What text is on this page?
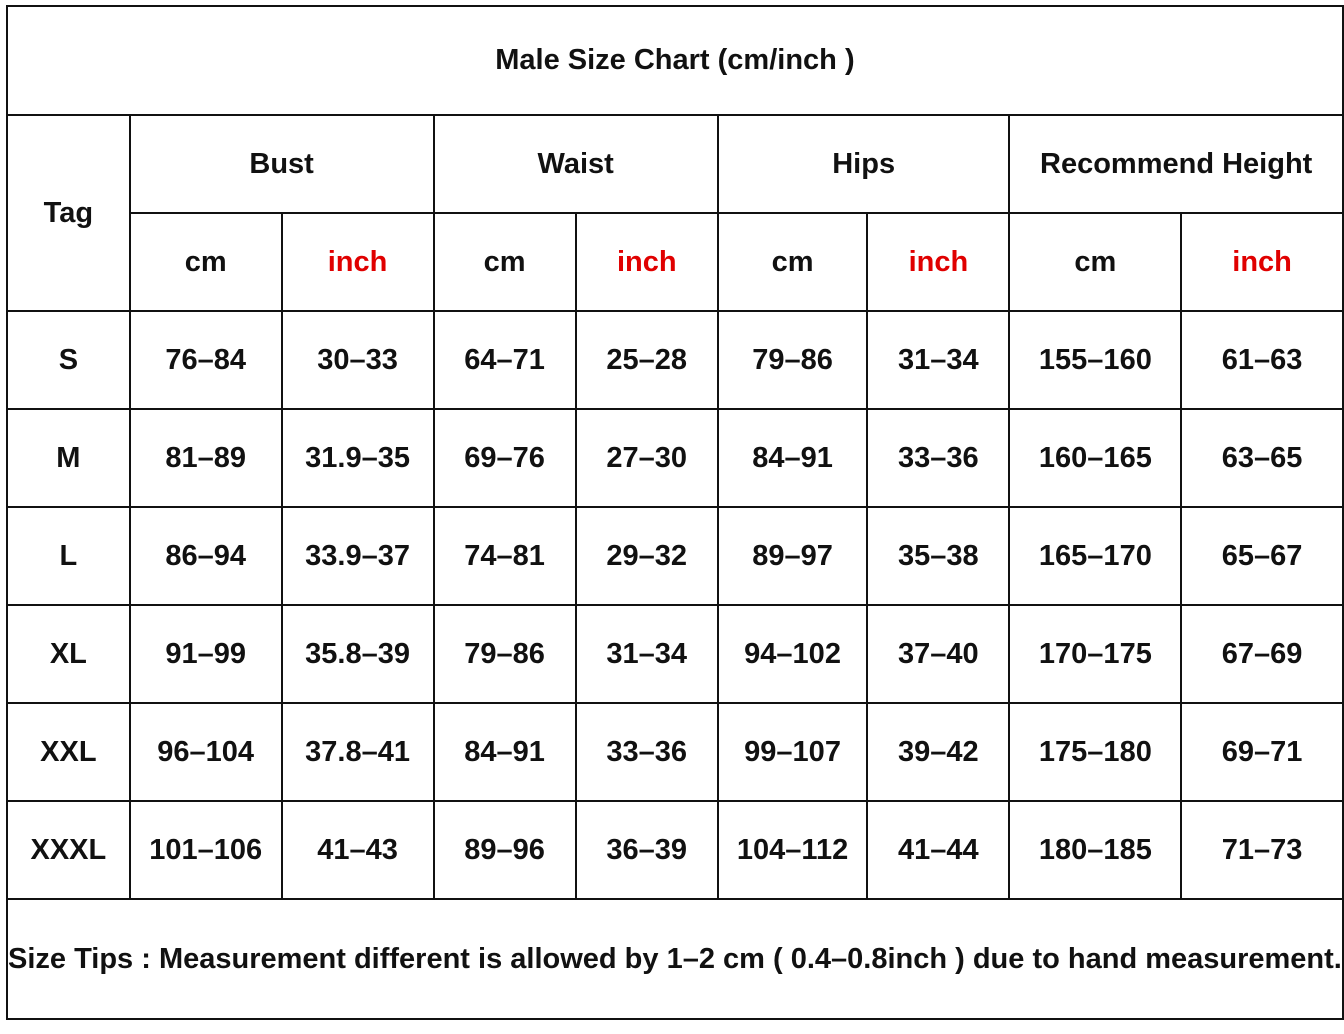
Male Size Chart (cm/inch )								
Tag	Bust		Waist		Hips		Recommend Height	
	cm	inch	cm	inch	cm	inch	cm	inch
S	76–84	30–33	64–71	25–28	79–86	31–34	155–160	61–63
M	81–89	31.9–35	69–76	27–30	84–91	33–36	160–165	63–65
L	86–94	33.9–37	74–81	29–32	89–97	35–38	165–170	65–67
XL	91–99	35.8–39	79–86	31–34	94–102	37–40	170–175	67–69
XXL	96–104	37.8–41	84–91	33–36	99–107	39–42	175–180	69–71
XXXL	101–106	41–43	89–96	36–39	104–112	41–44	180–185	71–73
Size Tips : Measurement different is allowed by 1–2 cm ( 0.4–0.8inch ) due to hand measurement.								
